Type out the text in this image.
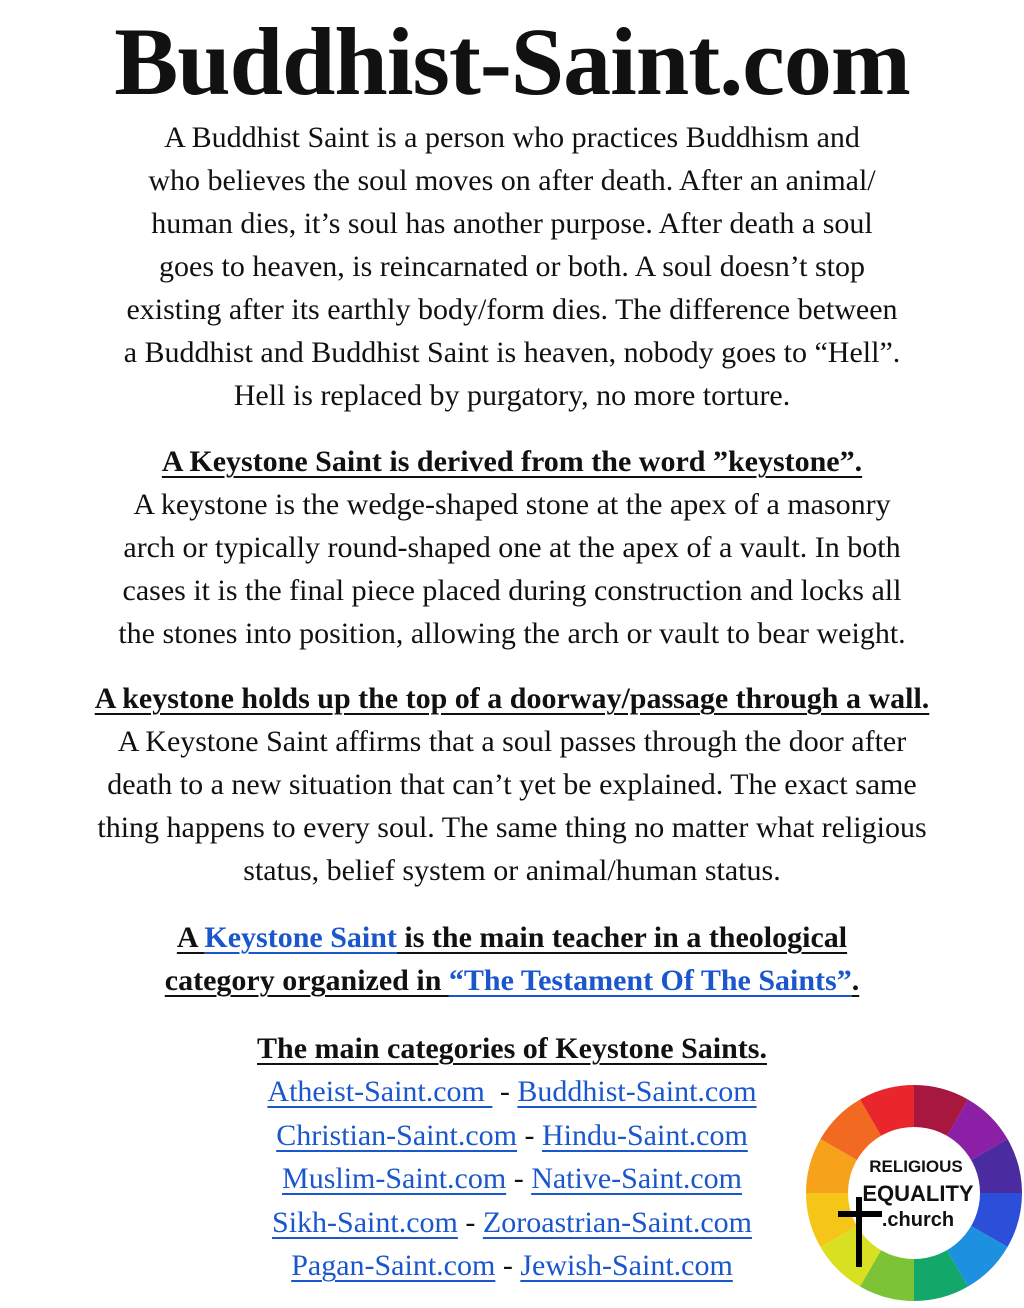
Buddhist-Saint.com
A Buddhist Saint is a person who practices Buddhism and
who believes the soul moves on after death. After an animal/
human dies, it’s soul has another purpose. After death a soul
goes to heaven, is reincarnated or both. A soul doesn’t stop
existing after its earthly body/form dies. The difference between
a Buddhist and Buddhist Saint is heaven, nobody goes to “Hell”.
Hell is replaced by purgatory, no more torture.
A Keystone Saint is derived from the word ”keystone”.
A keystone is the wedge-shaped stone at the apex of a masonry
arch or typically round-shaped one at the apex of a vault. In both
cases it is the final piece placed during construction and locks all
the stones into position, allowing the arch or vault to bear weight.
A keystone holds up the top of a doorway/passage through a wall.
A Keystone Saint affirms that a soul passes through the door after
death to a new situation that can’t yet be explained. The exact same
thing happens to every soul. The same thing no matter what religious
status, belief system or animal/human status.
A Keystone Saint is the main teacher in a theological
category organized in “The Testament Of The Saints”.
The main categories of Keystone Saints.
Atheist-Saint.com  - Buddhist-Saint.com
Christian-Saint.com - Hindu-Saint.com
Muslim-Saint.com - Native-Saint.com
Sikh-Saint.com - Zoroastrian-Saint.com
Pagan-Saint.com - Jewish-Saint.com
RELIGIOUS
EQUALITY
.church
